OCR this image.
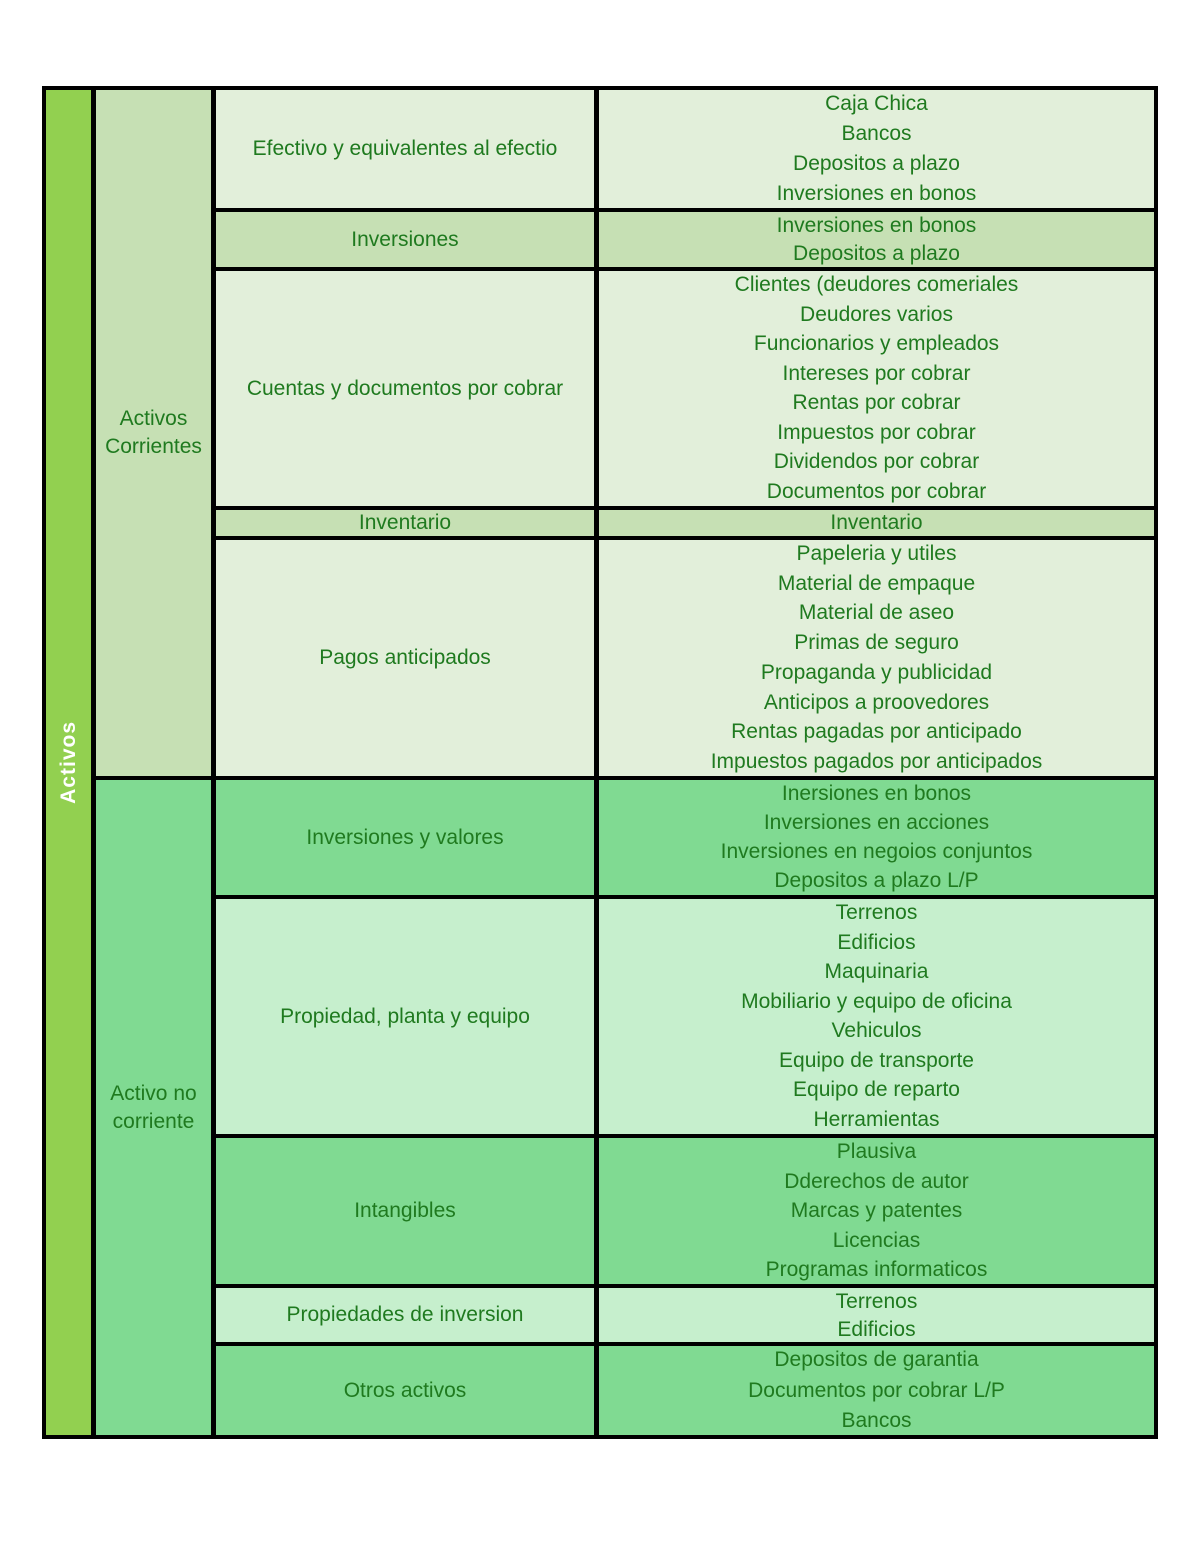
Activos
Activos
Corrientes
Activo no
corriente
Efectivo y equivalentes al efectio
Caja Chica
Bancos
Depositos a plazo
Inversiones en bonos
Inversiones
Inversiones en bonos
Depositos a plazo
Cuentas y documentos por cobrar
Clientes (deudores comeriales
Deudores varios
Funcionarios y empleados
Intereses por cobrar
Rentas por cobrar
Impuestos por cobrar
Dividendos por cobrar
Documentos por cobrar
Inventario	Inventario
Pagos anticipados
Papeleria y utiles
Material de empaque
Material de aseo
Primas de seguro
Propaganda y publicidad
Anticipos a proovedores
Rentas pagadas por anticipado
Impuestos pagados por anticipados
Inversiones y valores
Inersiones en bonos
Inversiones en acciones
Inversiones en negoios conjuntos
Depositos a plazo L/P
Propiedad, planta y equipo
Terrenos
Edificios
Maquinaria
Mobiliario y equipo de oficina
Vehiculos
Equipo de transporte
Equipo de reparto
Herramientas
Intangibles
Plausiva
Dderechos de autor
Marcas y patentes
Licencias
Programas informaticos
Propiedades de inversion
Terrenos
Edificios
Otros activos
Depositos de garantia
Documentos por cobrar L/P
Bancos
